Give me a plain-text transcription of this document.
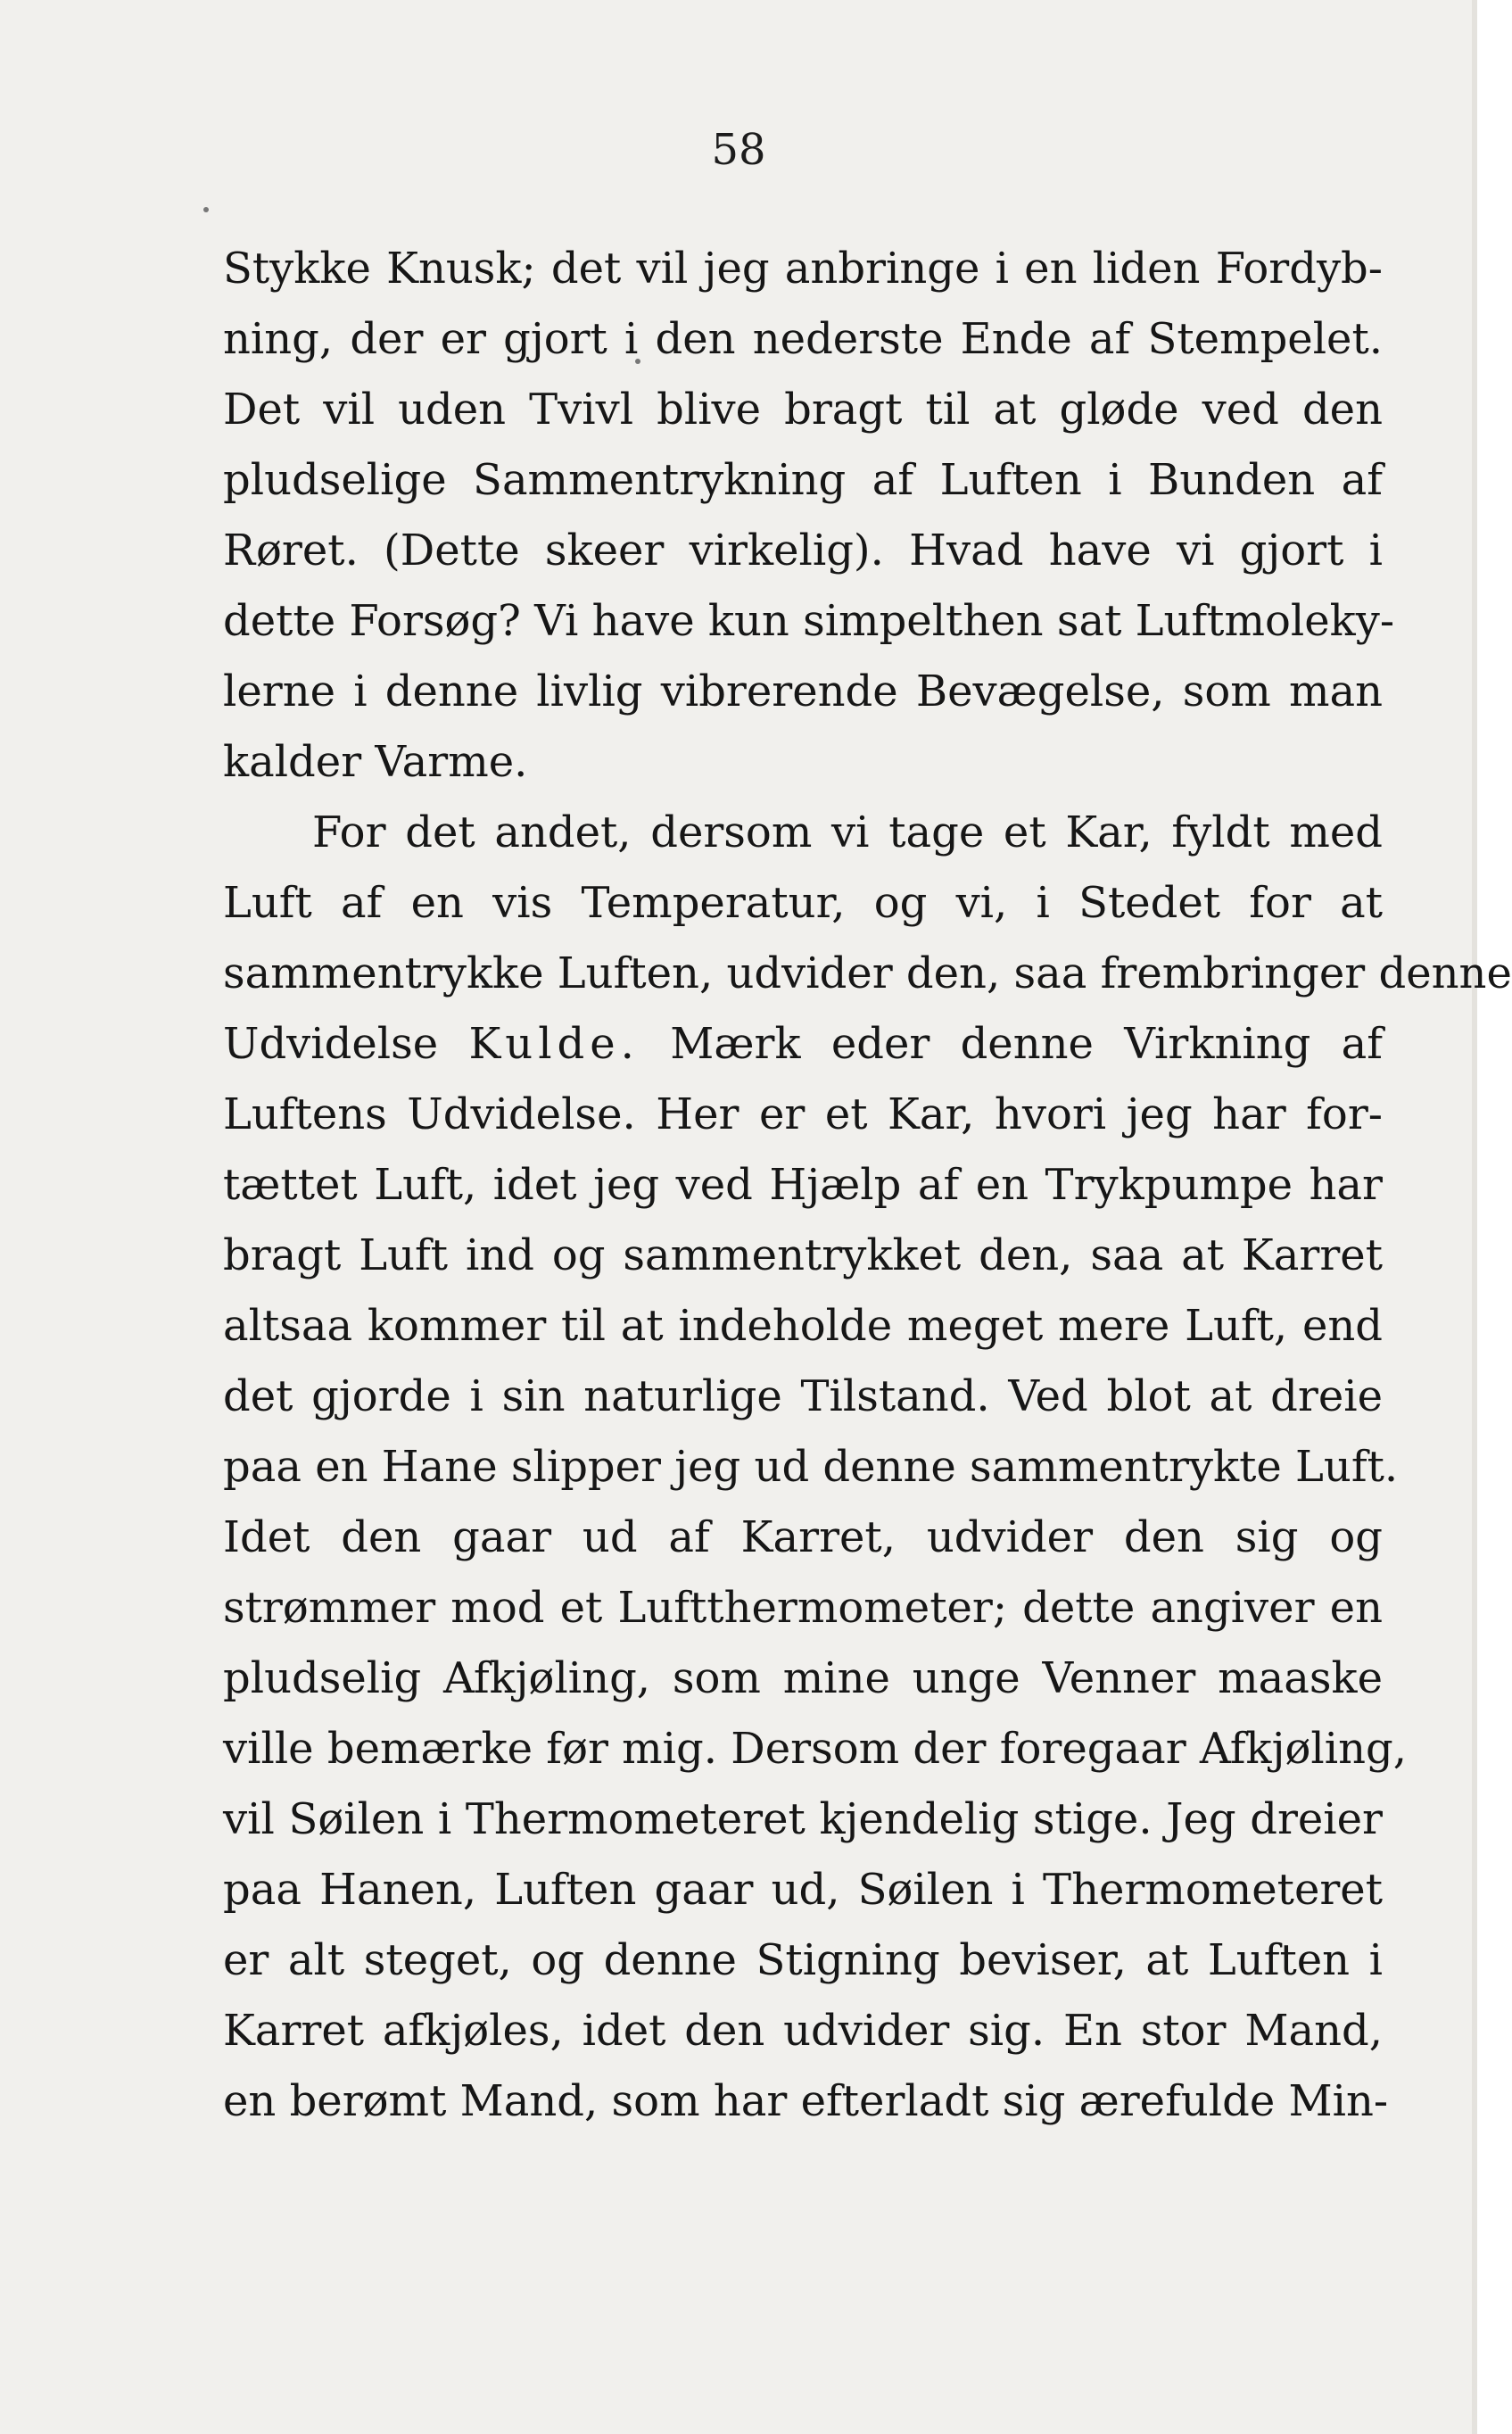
58
Stykke Knusk; det vil jeg anbringe i en liden Fordyb-
ning, der er gjort i den nederste Ende af Stempelet.
Det vil uden Tvivl blive bragt til at gløde ved den
pludselige Sammentrykning af Luften i Bunden af
Røret. (Dette skeer virkelig). Hvad have vi gjort i
dette Forsøg? Vi have kun simpelthen sat Luftmoleky-
lerne i denne livlig vibrerende Bevægelse, som man
kalder Varme.
For det andet, dersom vi tage et Kar, fyldt med
Luft af en vis Temperatur, og vi, i Stedet for at
sammentrykke Luften, udvider den, saa frembringer denne
Udvidelse Kulde. Mærk eder denne Virkning af
Luftens Udvidelse. Her er et Kar, hvori jeg har for-
tættet Luft, idet jeg ved Hjælp af en Trykpumpe har
bragt Luft ind og sammentrykket den, saa at Karret
altsaa kommer til at indeholde meget mere Luft, end
det gjorde i sin naturlige Tilstand. Ved blot at dreie
paa en Hane slipper jeg ud denne sammentrykte Luft.
Idet den gaar ud af Karret, udvider den sig og
strømmer mod et Luftthermometer; dette angiver en
pludselig Afkjøling, som mine unge Venner maaske
ville bemærke før mig. Dersom der foregaar Afkjøling,
vil Søilen i Thermometeret kjendelig stige. Jeg dreier
paa Hanen, Luften gaar ud, Søilen i Thermometeret
er alt steget, og denne Stigning beviser, at Luften i
Karret afkjøles, idet den udvider sig. En stor Mand,
en berømt Mand, som har efterladt sig ærefulde Min-
